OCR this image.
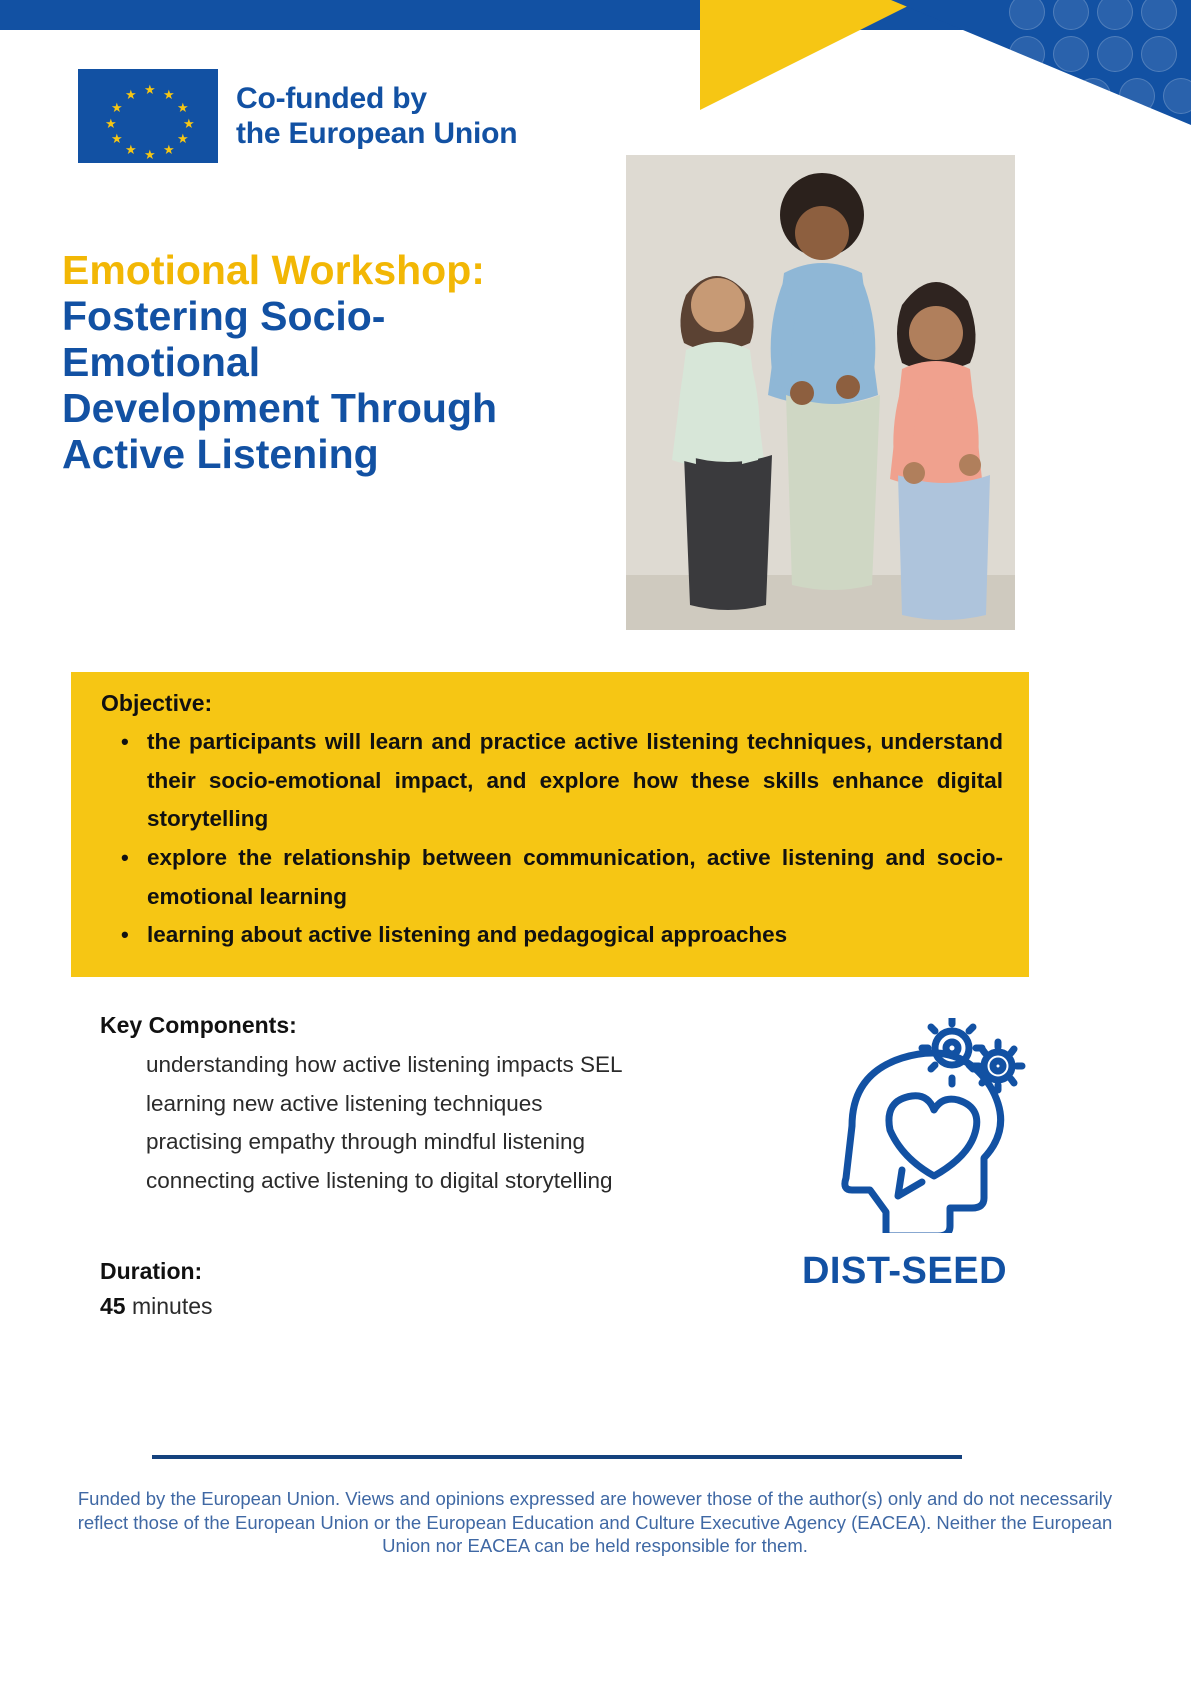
★
★ ★
★	★
★	★
★	★
★ ★
★
Co-funded by
the European Union
Emotional Workshop:
Fostering Socio-
Emotional
Development Through
Active Listening
Objective:
• the participants will learn and practice active listening techniques, understand their socio-emotional impact, and explore how these skills enhance digital storytelling
• explore the relationship between communication, active listening and socio-emotional learning
• learning about active listening and pedagogical approaches
Key Components:
• understanding how active listening impacts SEL
• learning new active listening techniques
• practising empathy through mindful listening
• connecting active listening to digital storytelling
Duration:
45 minutes
DIST-SEED
Funded by the European Union. Views and opinions expressed are however those of the author(s) only and do not necessarily reflect those of the European Union or the European Education and Culture Executive Agency (EACEA). Neither the European Union nor EACEA can be held responsible for them.
